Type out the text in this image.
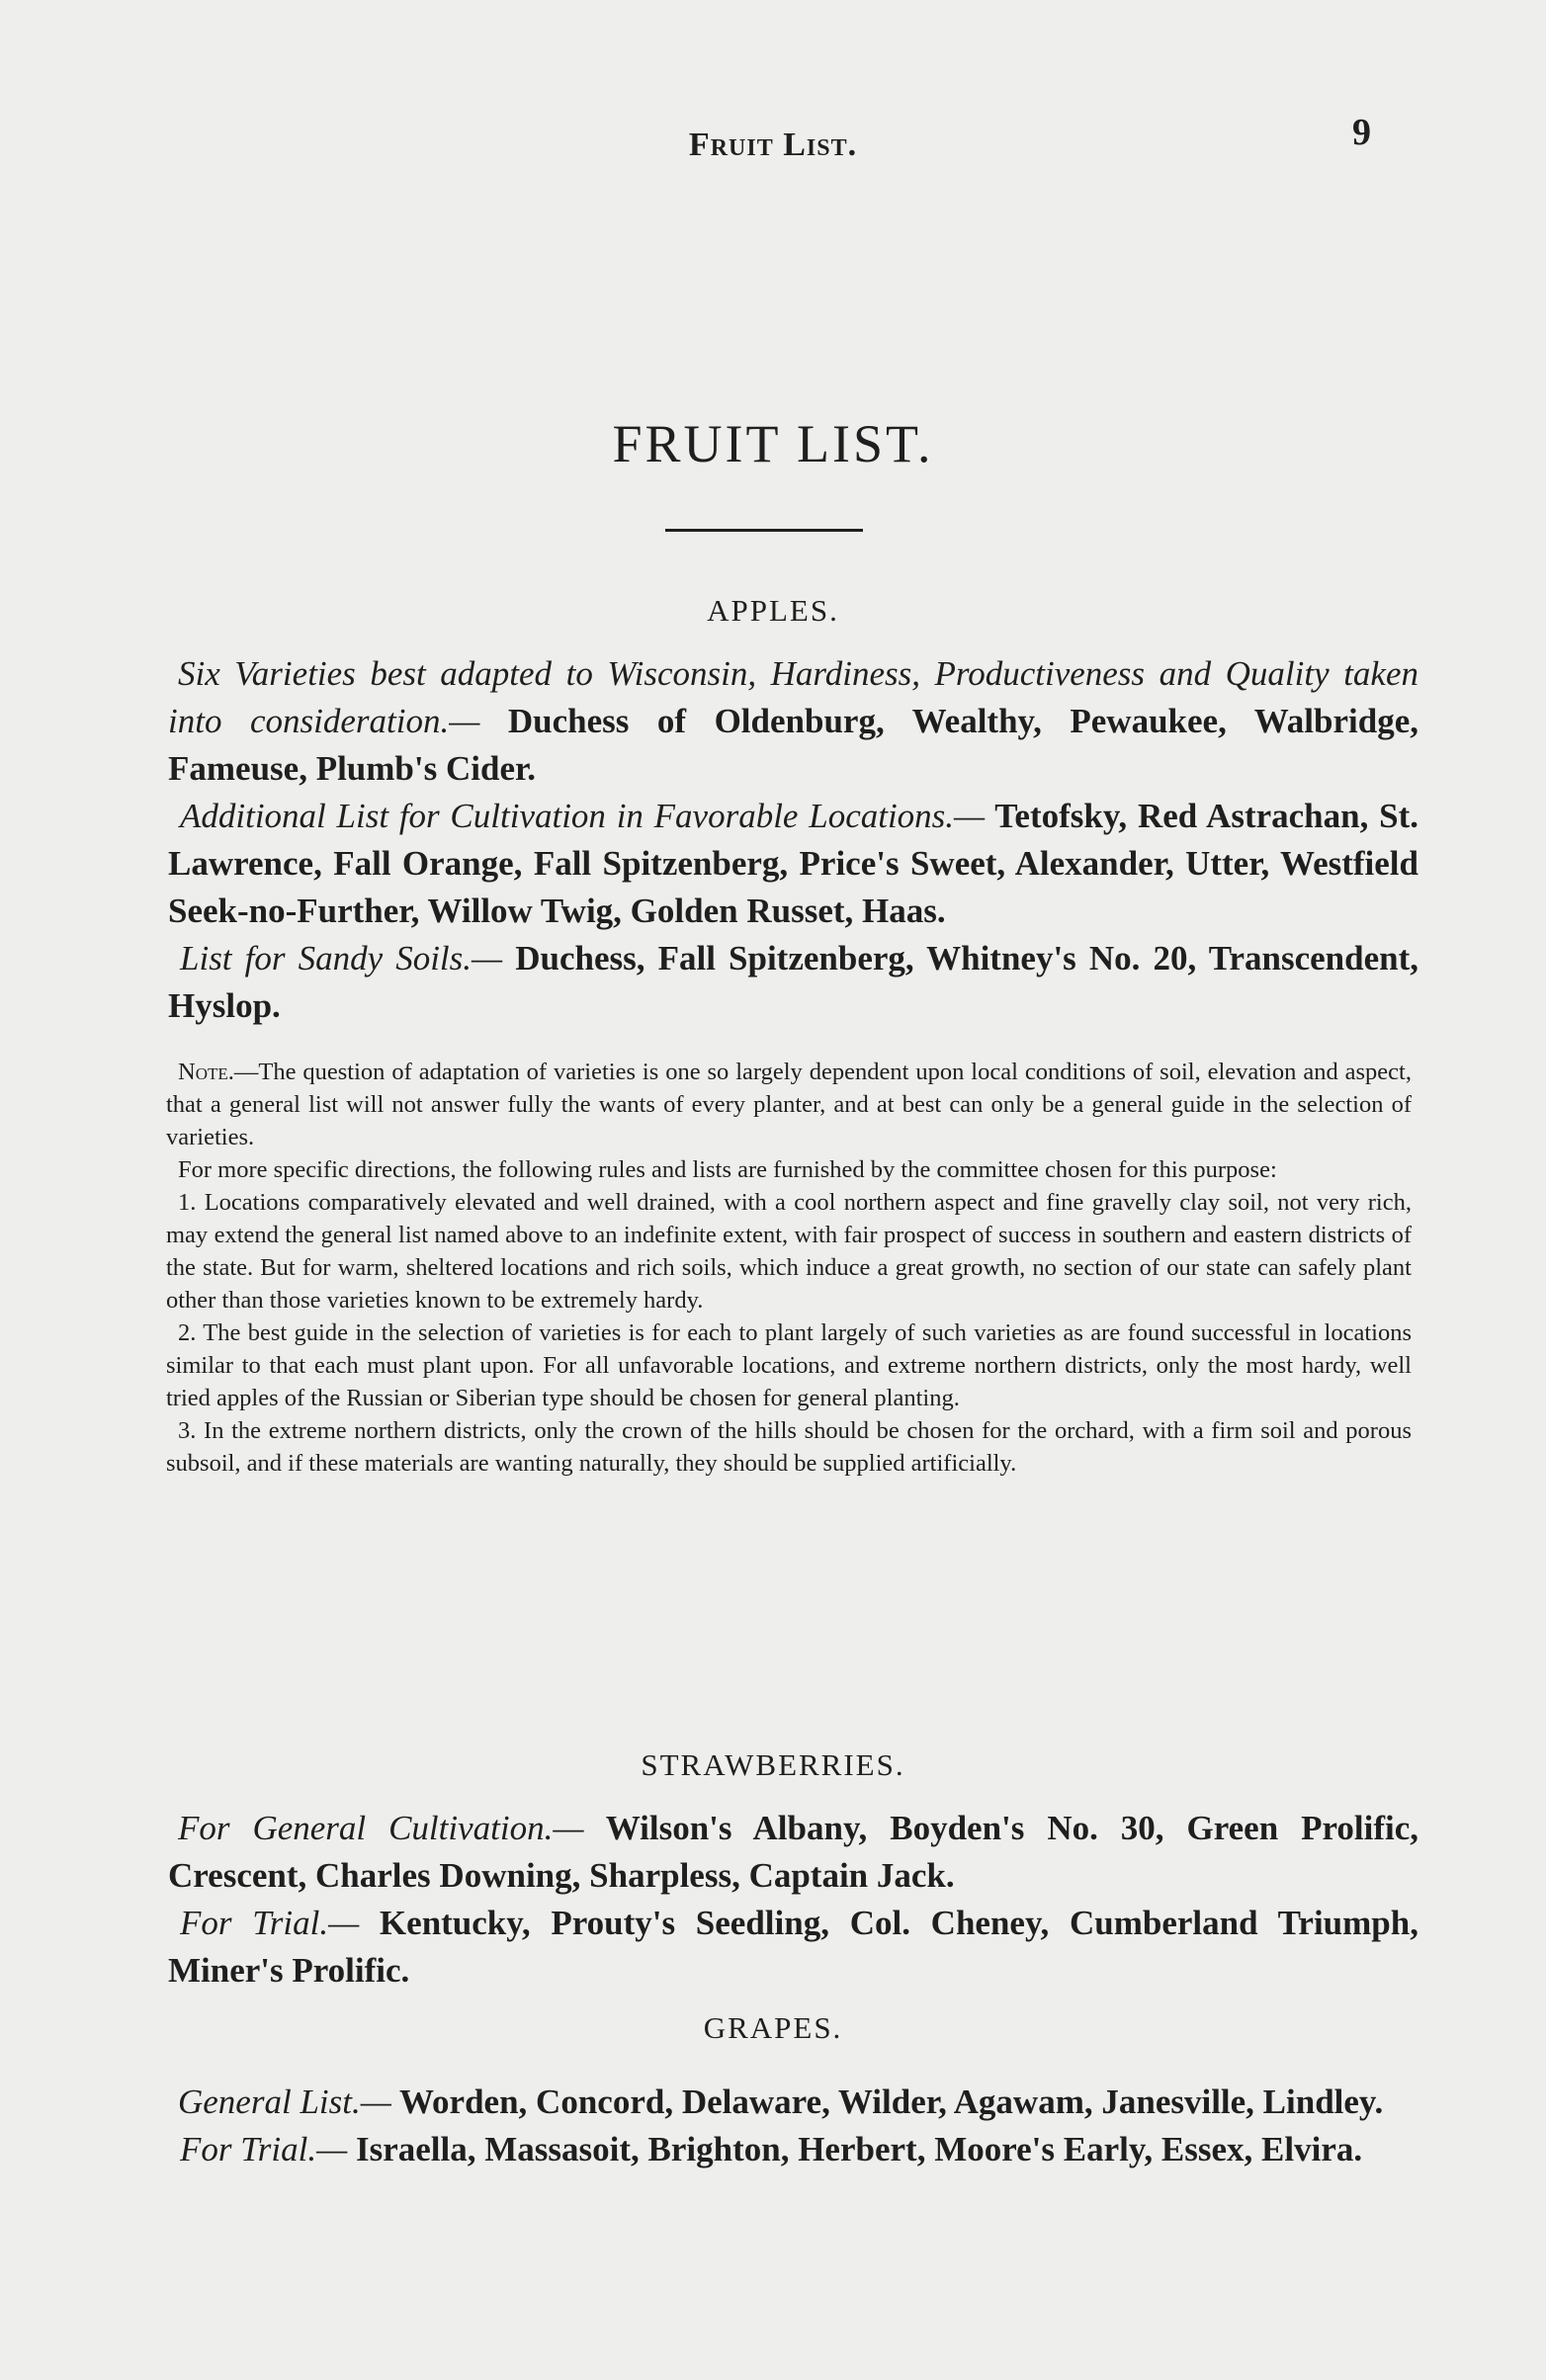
Fruit List.	9
FRUIT LIST.
APPLES.

Six Varieties best adapted to Wisconsin, Hardiness, Productiveness and Quality taken into consideration.— Duchess of Oldenburg, Wealthy, Pewaukee, Walbridge, Fameuse, Plumb's Cider.

Additional List for Cultivation in Favorable Locations.— Tetofsky, Red Astrachan, St. Lawrence, Fall Orange, Fall Spitzenberg, Price's Sweet, Alexander, Utter, Westfield Seek-no-Further, Willow Twig, Golden Russet, Haas.

List for Sandy Soils.— Duchess, Fall Spitzenberg, Whitney's No. 20, Transcendent, Hyslop.

Note.—The question of adaptation of varieties is one so largely dependent upon local conditions of soil, elevation and aspect, that a general list will not answer fully the wants of every planter, and at best can only be a general guide in the selection of varieties.

For more specific directions, the following rules and lists are furnished by the committee chosen for this purpose:

1. Locations comparatively elevated and well drained, with a cool northern aspect and fine gravelly clay soil, not very rich, may extend the general list named above to an indefinite extent, with fair prospect of success in southern and eastern districts of the state. But for warm, sheltered locations and rich soils, which induce a great growth, no section of our state can safely plant other than those varieties known to be extremely hardy.

2. The best guide in the selection of varieties is for each to plant largely of such varieties as are found successful in locations similar to that each must plant upon. For all unfavorable locations, and extreme northern districts, only the most hardy, well tried apples of the Russian or Siberian type should be chosen for general planting.

3. In the extreme northern districts, only the crown of the hills should be chosen for the orchard, with a firm soil and porous subsoil, and if these materials are wanting naturally, they should be supplied artificially.

STRAWBERRIES.

For General Cultivation.— Wilson's Albany, Boyden's No. 30, Green Prolific, Crescent, Charles Downing, Sharpless, Captain Jack.

For Trial.— Kentucky, Prouty's Seedling, Col. Cheney, Cumberland Triumph, Miner's Prolific.

GRAPES.

General List.— Worden, Concord, Delaware, Wilder, Agawam, Janesville, Lindley.

For Trial.— Israella, Massasoit, Brighton, Herbert, Moore's Early, Essex, Elvira.
